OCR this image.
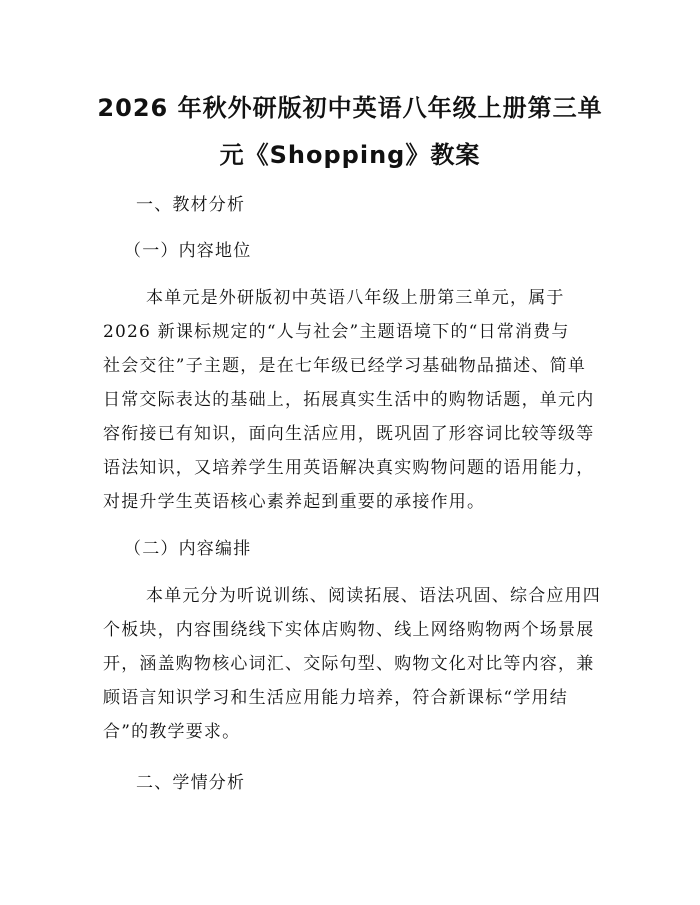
2026 年秋外研版初中英语八年级上册第三单
元《Shopping》教案
一、教材分析
（一）内容地位
本单元是外研版初中英语八年级上册第三单元，属于
2026 新课标规定的“人与社会”主题语境下的“日常消费与
社会交往”子主题，是在七年级已经学习基础物品描述、简单
日常交际表达的基础上，拓展真实生活中的购物话题，单元内
容衔接已有知识，面向生活应用，既巩固了形容词比较等级等
语法知识，又培养学生用英语解决真实购物问题的语用能力，
对提升学生英语核心素养起到重要的承接作用。
（二）内容编排
本单元分为听说训练、阅读拓展、语法巩固、综合应用四
个板块，内容围绕线下实体店购物、线上网络购物两个场景展
开，涵盖购物核心词汇、交际句型、购物文化对比等内容，兼
顾语言知识学习和生活应用能力培养，符合新课标“学用结
合”的教学要求。
二、学情分析
